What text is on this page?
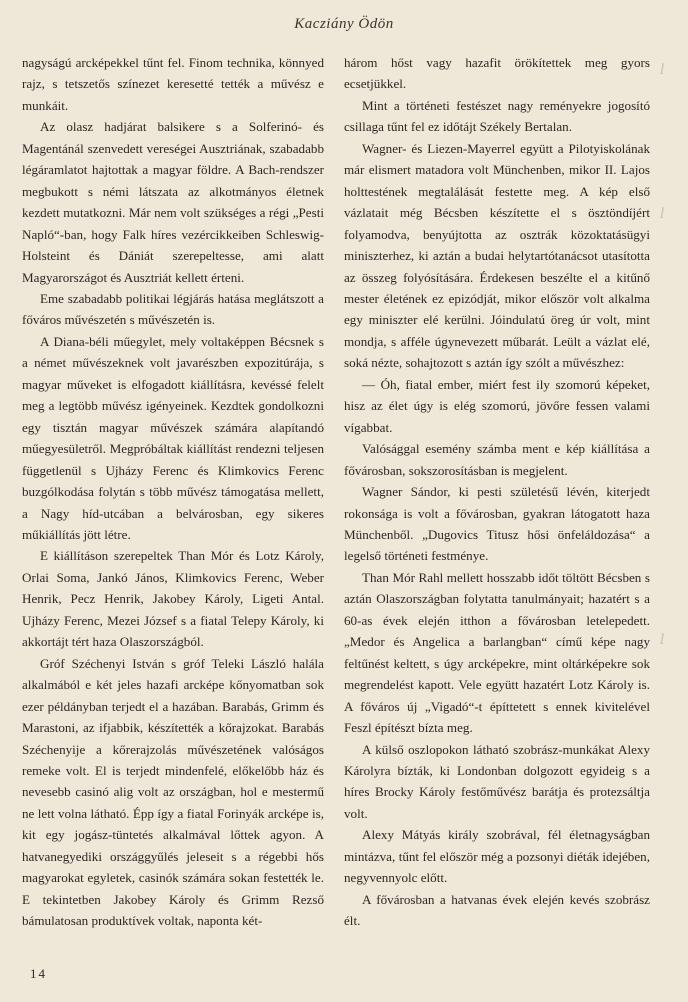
Kacziány Ödön

nagyságú arcképekkel tűnt fel. Finom technika, könnyed rajz, s tetszetős színezet keresetté tették a művész e munkáit.

Az olasz hadjárat balsikere s a Solferinó- és Magentánál szenvedett vereségei Ausztriának, szabadabb légáramlatot hajtottak a magyar földre. A Bach-rendszer megbukott s némi látszata az alkotmányos életnek kezdett mutatkozni. Már nem volt szükséges a régi „Pesti Napló“-ban, hogy Falk híres vezércikkeiben Schleswig-Holsteint és Dániát szerepeltesse, ami alatt Magyarországot és Ausztriát kellett érteni.

Eme szabadabb politikai légjárás hatása meglátszott a főváros művészetén s művészetén is.

A Diana-béli műegylet, mely voltaképpen Bécsnek s a német művészeknek volt javarészben expozitúrája, s magyar műveket is elfogadott kiállításra, kevéssé felelt meg a legtöbb művész igényeinek. Kezdtek gondolkozni egy tisztán magyar művészek számára alapítandó műegyesületről. Megpróbáltak kiállítást rendezni teljesen függetlenül s Ujházy Ferenc és Klimkovics Ferenc buzgólkodása folytán s több művész támogatása mellett, a Nagy híd-utcában a belvárosban, egy sikeres műkiállítás jött létre.

E kiállításon szerepeltek Than Mór és Lotz Károly, Orlai Soma, Jankó János, Klimkovics Ferenc, Weber Henrik, Pecz Henrik, Jakobey Károly, Ligeti Antal. Ujházy Ferenc, Mezei József s a fiatal Telepy Károly, ki akkortájt tért haza Olaszországból.

Gróf Széchenyi István s gróf Teleki László halála alkalmából e két jeles hazafi arcképe kőnyomatban sok ezer példányban terjedt el a hazában. Barabás, Grimm és Marastoni, az ifjabbik, készítették a kőrajzokat. Barabás Széchenyije a kőrerajzolás művészetének valóságos remeke volt. El is terjedt mindenfelé, előkelőbb ház és nevesebb casinó alig volt az országban, hol e mestermű ne lett volna látható. Épp így a fiatal Forinyák arcképe is, kit egy jogász-tüntetés alkalmával lőttek agyon. A hatvanegyediki országgyűlés jeleseit s a régebbi hős magyarokat egyletek, casinók számára sokan festették le. E tekintetben Jakobey Károly és Grimm Rezső bámulatosan produktívek voltak, naponta két-

három hőst vagy hazafit örökítettek meg gyors ecsetjükkel.

Mint a történeti festészet nagy reményekre jogosító csillaga tűnt fel ez időtájt Székely Bertalan.

Wagner- és Liezen-Mayerrel együtt a Pilotyiskolának már elismert matadora volt Münchenben, mikor II. Lajos holttestének megtalálását festette meg. A kép első vázlatait még Bécsben készítette el s ösztöndíjért folyamodva, benyújtotta az osztrák közoktatásügyi miniszterhez, ki aztán a budai helytartótanácsot utasította az összeg folyósítására. Érdekesen beszélte el a kitűnő mester életének ez epizódját, mikor először volt alkalma egy miniszter elé kerülni. Jóindulatú öreg úr volt, mint mondja, s afféle úgynevezett műbarát. Leült a vázlat elé, soká nézte, sohajtozott s aztán így szólt a művészhez:

— Óh, fiatal ember, miért fest ily szomorú képeket, hisz az élet úgy is elég szomorú, jövőre fessen valami vígabbat.

Valósággal esemény számba ment e kép kiállítása a fővárosban, sokszorosításban is megjelent.

Wagner Sándor, ki pesti születésű lévén, kiterjedt rokonsága is volt a fővárosban, gyakran látogatott haza Münchenből. „Dugovics Titusz hősi önfeláldozása“ a legelső történeti festménye.

Than Mór Rahl mellett hosszabb időt töltött Bécsben s aztán Olaszországban folytatta tanulmányait; hazatért s a 60-as évek elején itthon a fővárosban letelepedett. „Medor és Angelica a barlangban“ című képe nagy feltűnést keltett, s úgy arcképekre, mint oltárképekre sok megrendelést kapott. Vele együtt hazatért Lotz Károly is. A főváros új „Vigadó“-t építtetett s ennek kivitelével Feszl építészt bízta meg.

A külső oszlopokon látható szobrász-munkákat Alexy Károlyra bízták, ki Londonban dolgozott egyideig s a híres Brocky Károly festőművész barátja és protezsáltja volt.

Alexy Mátyás király szobrával, fél életnagyságban mintázva, tűnt fel először még a pozsonyi diéták idejében, negyvennyolc előtt.

A fővárosban a hatvanas évek elején kevés szobrász élt.

14
ⅼ
ⅼ
ⅼ
